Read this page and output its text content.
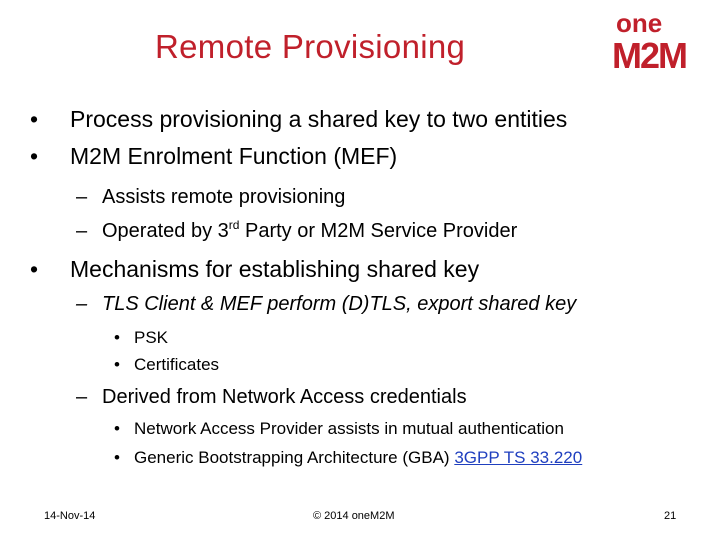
Remote Provisioning
one
M2M
• Process provisioning a shared key to two entities
• M2M Enrolment Function (MEF)
– Assists remote provisioning
– Operated by 3rd Party or M2M Service Provider
• Mechanisms for establishing shared key
– TLS Client & MEF perform (D)TLS, export shared key
• PSK
• Certificates
– Derived from Network Access credentials
• Network Access Provider assists in mutual authentication
• Generic Bootstrapping Architecture (GBA) 3GPP TS 33.220
14-Nov-14	© 2014 oneM2M	21
